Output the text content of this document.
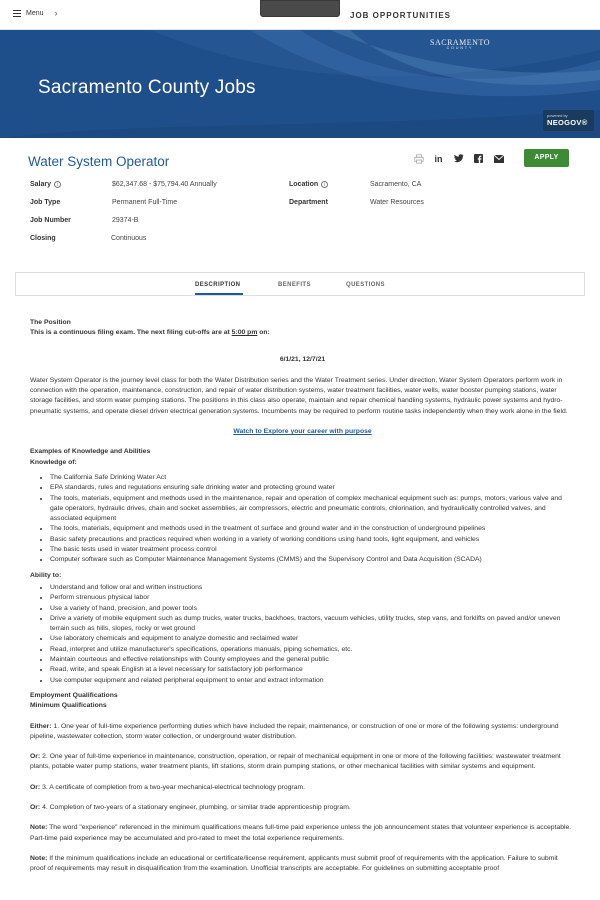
Menu ›	JOB OPPORTUNITIES
SACRAMENTO
COUNTY
Sacramento County Jobs
powered by
NEOGOV®
Water System Operator	in	APPLY
Salary	i	$62,347.68 - $75,794.40 Annually	Location	i	Sacramento, CA
Job Type	Permanent Full-Time	Department	Water Resources
Job Number	29374-B
Closing	Continuous
DESCRIPTION	BENEFITS	QUESTIONS
The Position
This is a continuous filing exam. The next filing cut-offs are at 5:00 pm on:
6/1/21, 12/7/21
Water System Operator is the journey level class for both the Water Distribution series and the Water Treatment series. Under direction, Water System Operators perform work in connection with the operation, maintenance, construction, and repair of water distribution systems, water treatment facilities, water wells, water booster pumping stations, water storage facilities, and storm water pumping stations. The positions in this class also operate, maintain and repair chemical handling systems, hydraulic power systems and hydro-pneumatic systems, and operate diesel driven electrical generation systems. Incumbents may be required to perform routine tasks independently when they work alone in the field.
Watch to Explore your career with purpose
Examples of Knowledge and Abilities
Knowledge of:
• The California Safe Drinking Water Act
• EPA standards, rules and regulations ensuring safe drinking water and protecting ground water
• The tools, materials, equipment and methods used in the maintenance, repair and operation of complex mechanical equipment such as: pumps, motors, various valve and gate operators, hydraulic drives, chain and socket assemblies, air compressors, electric and pneumatic controls, chlorination, and hydraulically controlled valves, and associated equipment
• The tools, materials, equipment and methods used in the treatment of surface and ground water and in the construction of underground pipelines
• Basic safety precautions and practices required when working in a variety of working conditions using hand tools, light equipment, and vehicles
• The basic tests used in water treatment process control
• Computer software such as Computer Maintenance Management Systems (CMMS) and the Supervisory Control and Data Acquisition (SCADA)
Ability to:
• Understand and follow oral and written instructions
• Perform strenuous physical labor
• Use a variety of hand, precision, and power tools
• Drive a variety of mobile equipment such as dump trucks, water trucks, backhoes, tractors, vacuum vehicles, utility trucks, step vans, and forklifts on paved and/or uneven terrain such as hills, slopes, rocky or wet ground
• Use laboratory chemicals and equipment to analyze domestic and reclaimed water
• Read, interpret and utilize manufacturer's specifications, operations manuals, piping schematics, etc.
• Maintain courteous and effective relationships with County employees and the general public
• Read, write, and speak English at a level necessary for satisfactory job performance
• Use computer equipment and related peripheral equipment to enter and extract information
Employment Qualifications
Minimum Qualifications
Either: 1. One year of full-time experience performing duties which have included the repair, maintenance, or construction of one or more of the following systems: underground pipeline, wastewater collection, storm water collection, or underground water distribution.
Or: 2. One year of full-time experience in maintenance, construction, operation, or repair of mechanical equipment in one or more of the following facilities: wastewater treatment plants, potable water pump stations, water treatment plants, lift stations, storm drain pumping stations, or other mechanical facilities with similar systems and equipment.
Or: 3. A certificate of completion from a two-year mechanical-electrical technology program.
Or: 4. Completion of two-years of a stationary engineer, plumbing, or similar trade apprenticeship program.
Note: The word "experience" referenced in the minimum qualifications means full-time paid experience unless the job announcement states that volunteer experience is acceptable. Part-time paid experience may be accumulated and pro-rated to meet the total experience requirements.
Note: If the minimum qualifications include an educational or certificate/license requirement, applicants must submit proof of requirements with the application. Failure to submit proof of requirements may result in disqualification from the examination. Unofficial transcripts are acceptable. For guidelines on submitting acceptable proof
